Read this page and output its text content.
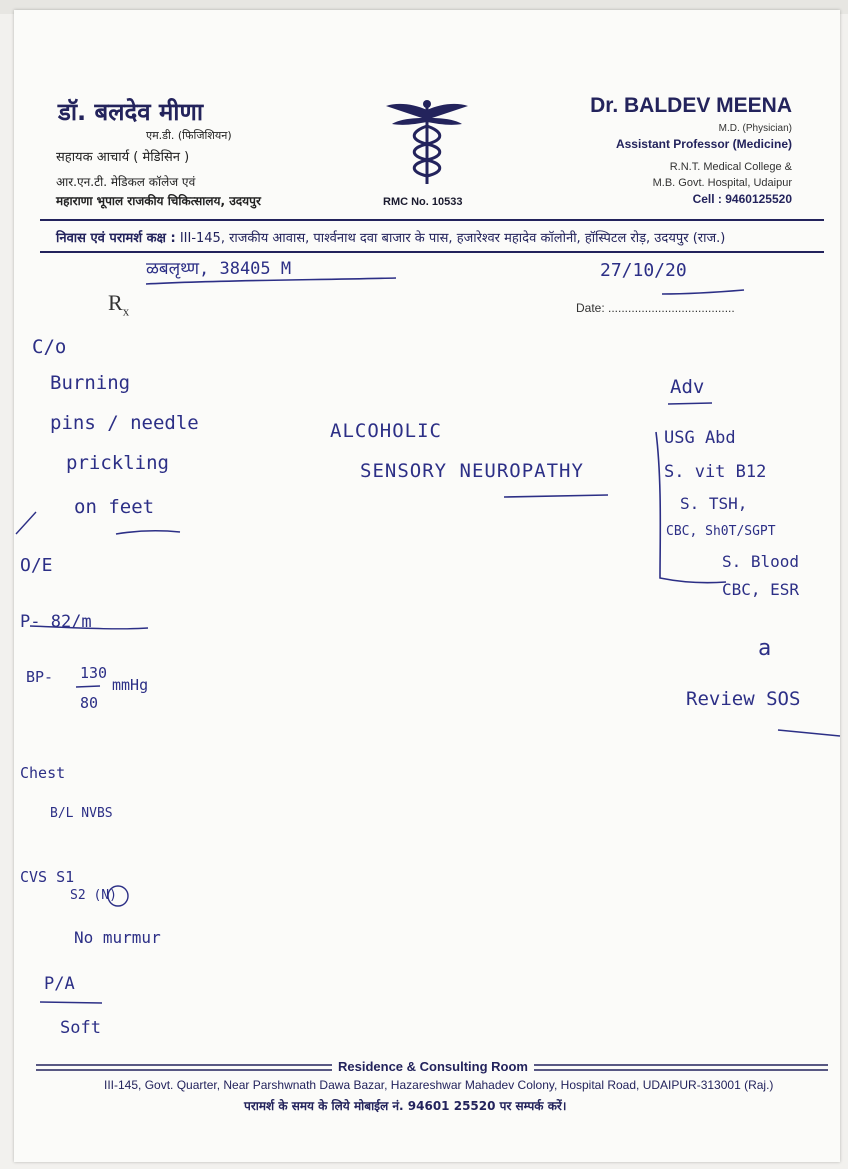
डॉ. बलदेव मीणा
एम.डी. (फिजिशियन)
सहायक आचार्य ( मेडिसिन )
आर.एन.टी. मेडिकल कॉलेज एवं
महाराणा भूपाल राजकीय चिकित्सालय, उदयपुर	RMC No. 10533
Dr. BALDEV MEENA
M.D. (Physician)
Assistant Professor (Medicine)
R.N.T. Medical College &
M.B. Govt. Hospital, Udaipur
Cell : 9460125520
निवास एवं परामर्श कक्ष : III-145, राजकीय आवास, पार्श्वनाथ दवा बाजार के पास, हजारेश्वर महादेव कॉलोनी, हॉस्पिटल रोड़, उदयपुर (राज.)
$R_x$	Date: ......................................
ळबलृथ्ण, 38405 M	27/10/20
C/o
Burning
pins / needle
prickling
on feet
O/E
P- 82/m
BP- 130
80
mmHg
Chest
B/L NVBS
CVS S1
S2 (N)
No murmur
P/A
Soft
ALCOHOLIC
SENSORY NEUROPATHY
Adv
USG Abd
S. vit B12
S. TSH,
CBC, Sh0T/SGPT
S. Blood
CBC, ESR
a
Review SOS
Residence & Consulting Room
III-145, Govt. Quarter, Near Parshwnath Dawa Bazar, Hazareshwar Mahadev Colony, Hospital Road, UDAIPUR-313001 (Raj.)
परामर्श के समय के लिये मोबाईल नं. 94601 25520 पर सम्पर्क करें।
